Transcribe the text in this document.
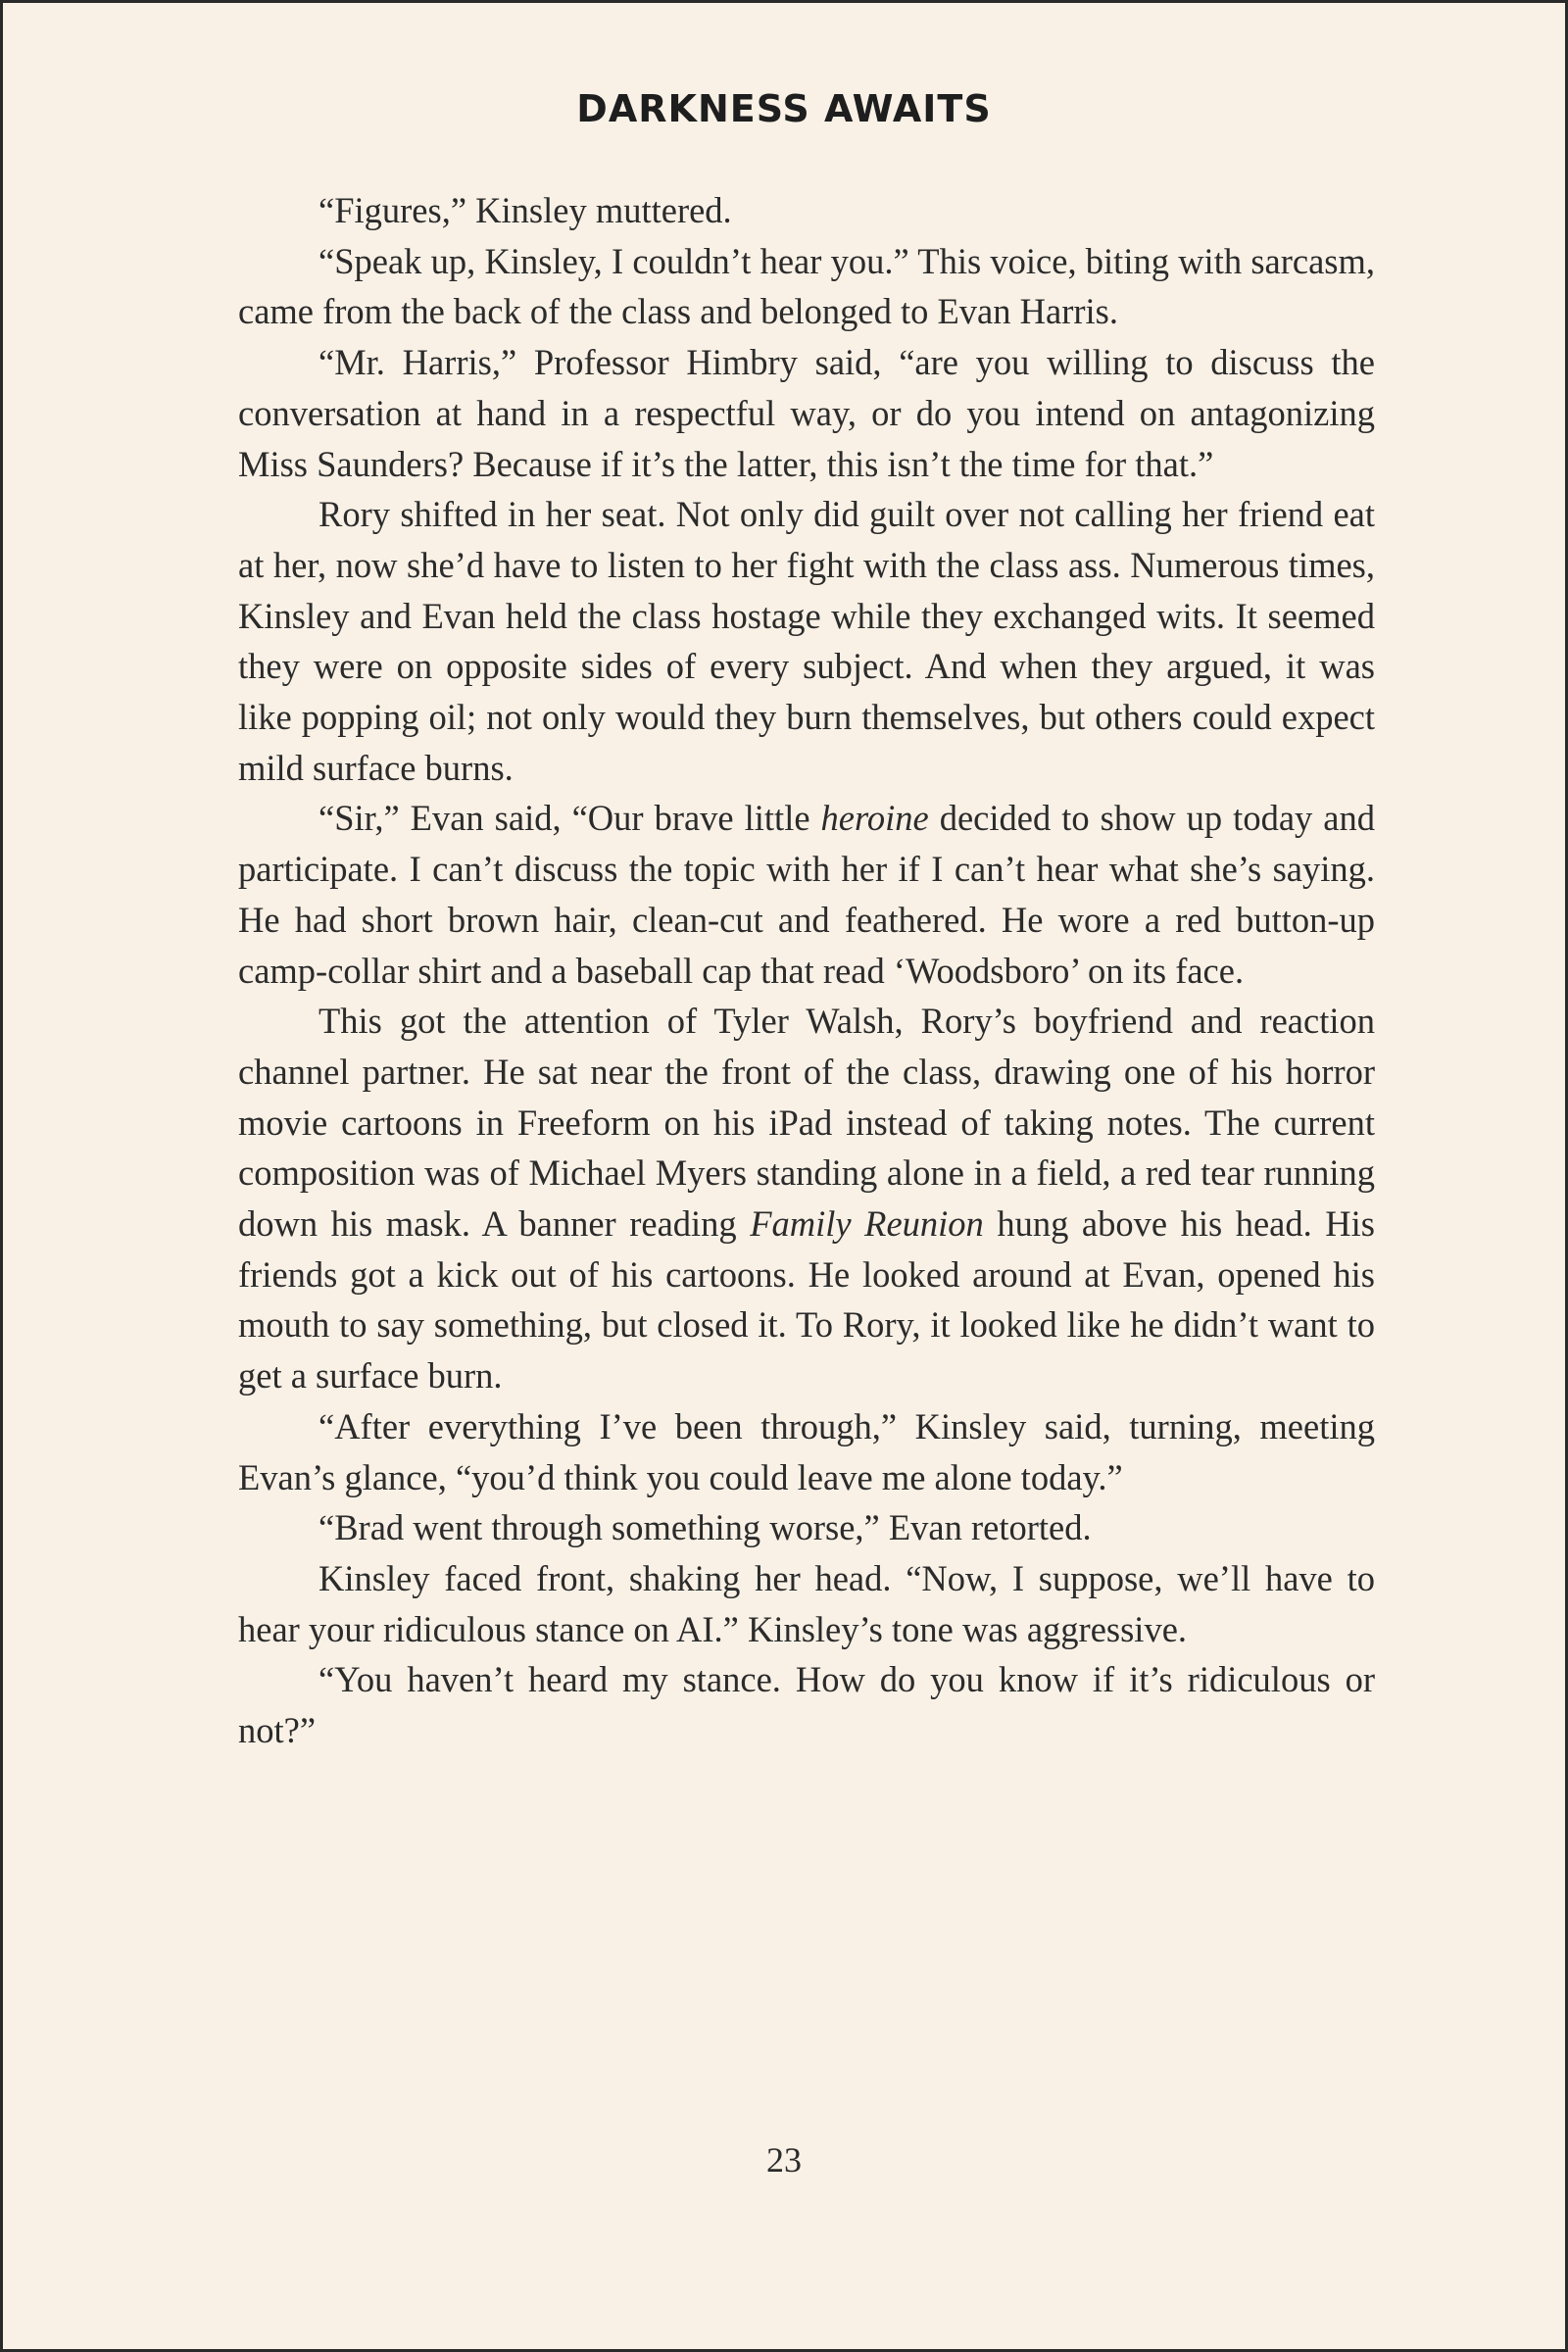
DARKNESS AWAITS

“Figures,” Kinsley muttered.

“Speak up, Kinsley, I couldn’t hear you.” This voice, biting with sarcasm, came from the back of the class and belonged to Evan Harris.

“Mr. Harris,” Professor Himbry said, “are you willing to discuss the conversation at hand in a respectful way, or do you intend on antagonizing Miss Saunders? Because if it’s the latter, this isn’t the time for that.”

Rory shifted in her seat. Not only did guilt over not calling her friend eat at her, now she’d have to listen to her fight with the class ass. Numerous times, Kinsley and Evan held the class hostage while they exchanged wits. It seemed they were on opposite sides of every subject. And when they argued, it was like popping oil; not only would they burn themselves, but others could expect mild surface burns.

“Sir,” Evan said, “Our brave little heroine decided to show up today and participate. I can’t discuss the topic with her if I can’t hear what she’s saying. He had short brown hair, clean-cut and feathered. He wore a red button-up camp-collar shirt and a baseball cap that read ‘Woodsboro’ on its face.

This got the attention of Tyler Walsh, Rory’s boyfriend and reaction channel partner. He sat near the front of the class, drawing one of his horror movie cartoons in Freeform on his iPad instead of taking notes. The current composition was of Michael Myers standing alone in a field, a red tear running down his mask. A banner reading Family Reunion hung above his head. His friends got a kick out of his cartoons. He looked around at Evan, opened his mouth to say something, but closed it. To Rory, it looked like he didn’t want to get a surface burn.

“After everything I’ve been through,” Kinsley said, turning, meeting Evan’s glance, “you’d think you could leave me alone today.”

“Brad went through something worse,” Evan retorted.

Kinsley faced front, shaking her head. “Now, I suppose, we’ll have to hear your ridiculous stance on AI.” Kinsley’s tone was aggressive.

“You haven’t heard my stance. How do you know if it’s ridiculous or not?”

23
